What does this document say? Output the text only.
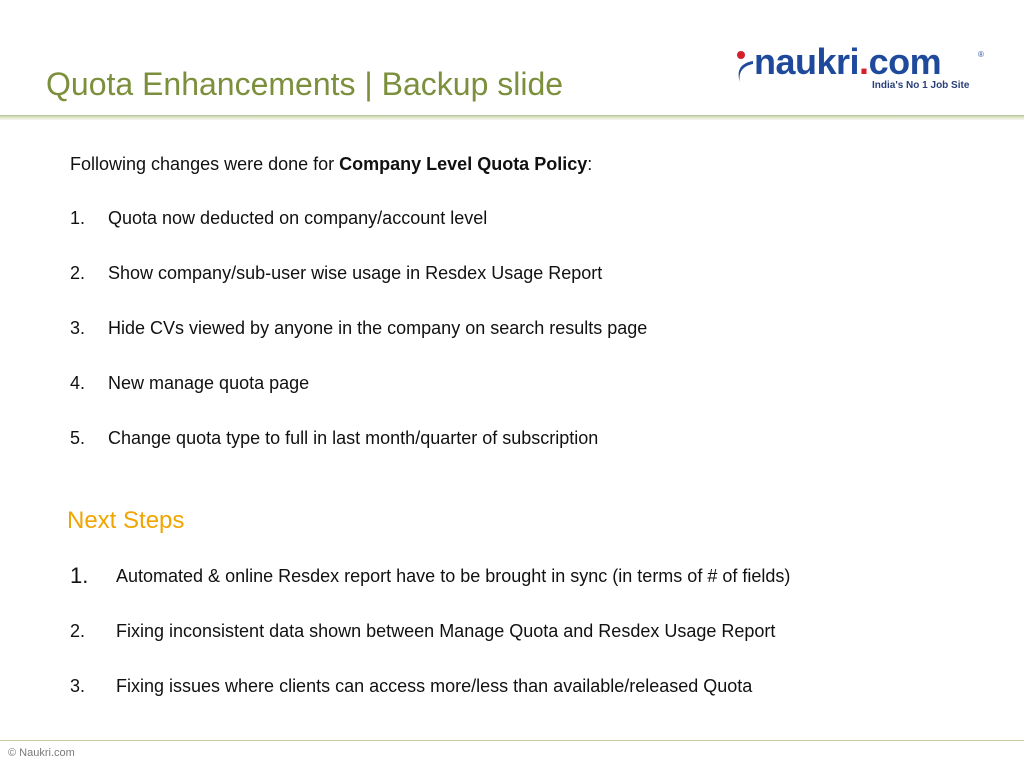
Quota Enhancements | Backup slide
naukri.com	®
India's No 1 Job Site
Following changes were done for Company Level Quota Policy:
1. Quota now deducted on company/account level
2. Show company/sub-user wise usage in Resdex Usage Report
3. Hide CVs viewed by anyone in the company on search results page
4. New manage quota page
5. Change quota type to full in last month/quarter of subscription
Next Steps
1. Automated & online Resdex report have to be brought in sync (in terms of # of fields)
2. Fixing inconsistent data shown between Manage Quota and Resdex Usage Report
3. Fixing issues where clients can access more/less than available/released Quota
© Naukri.com
